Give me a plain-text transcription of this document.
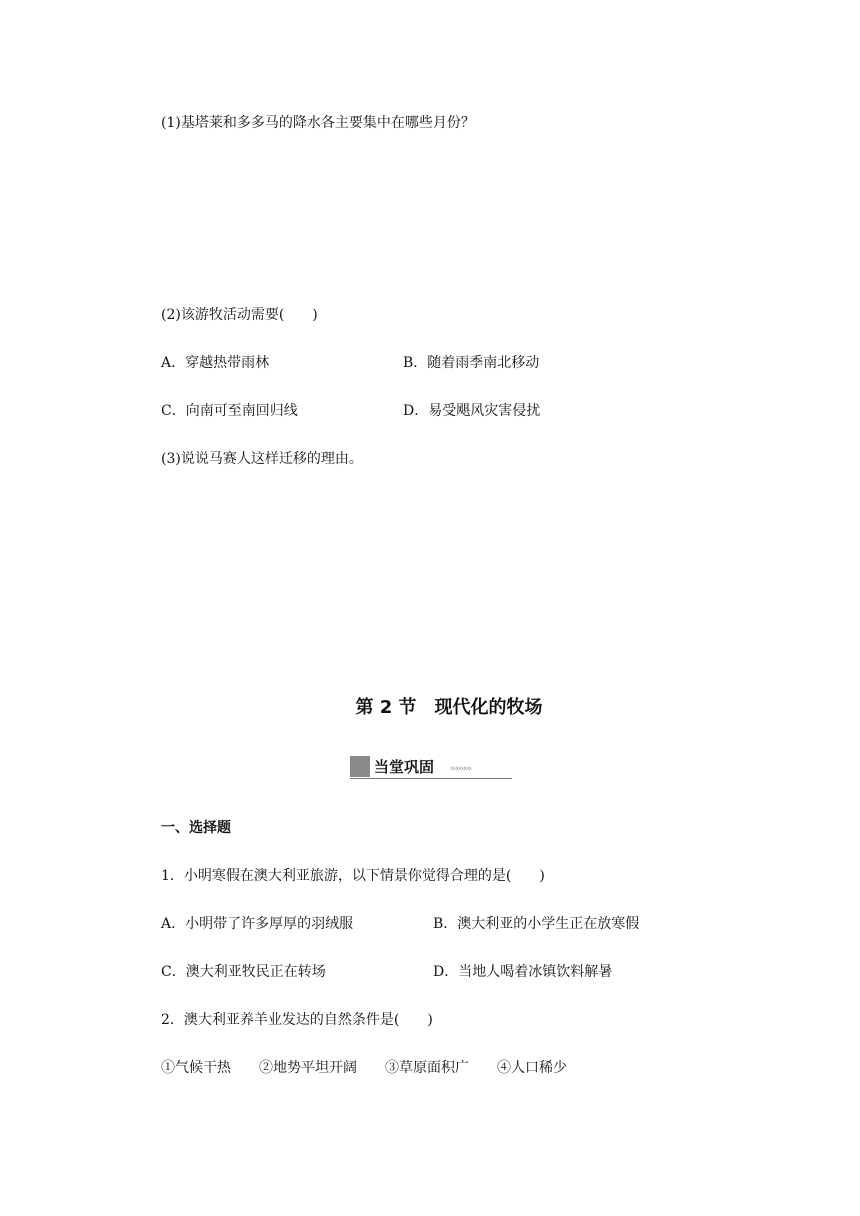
(1)基塔莱和多多马的降水各主要集中在哪些月份？
(2)该游牧活动需要(　　)
A．穿越热带雨林	B．随着雨季南北移动
C．向南可至南回归线	D．易受飓风灾害侵扰
(3)说说马赛人这样迁移的理由。
第 2 节　现代化的牧场
当堂巩固 ››››››››
一、选择题
1．小明寒假在澳大利亚旅游，以下情景你觉得合理的是(　　)
A．小明带了许多厚厚的羽绒服	B．澳大利亚的小学生正在放寒假
C．澳大利亚牧民正在转场	D．当地人喝着冰镇饮料解暑
2．澳大利亚养羊业发达的自然条件是(　　)
①气候干热　　②地势平坦开阔　　③草原面积广　　④人口稀少
